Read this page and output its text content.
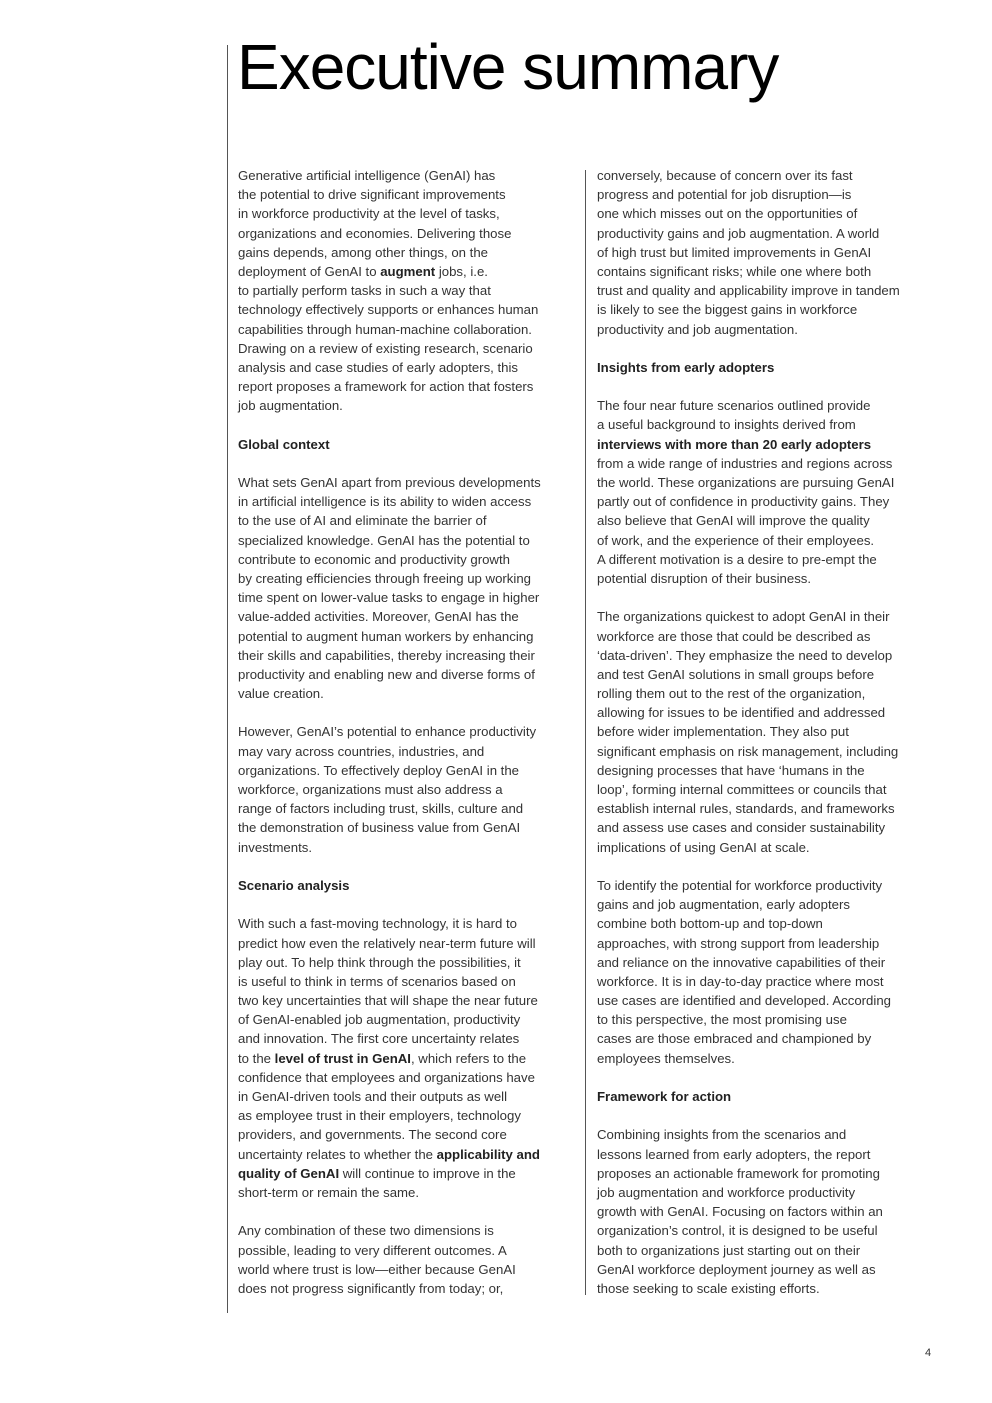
Executive summary
Generative artificial intelligence (GenAI) has
the potential to drive significant improvements
in workforce productivity at the level of tasks,
organizations and economies. Delivering those
gains depends, among other things, on the
deployment of GenAI to augment jobs, i.e.
to partially perform tasks in such a way that
technology effectively supports or enhances human
capabilities through human-machine collaboration.
Drawing on a review of existing research, scenario
analysis and case studies of early adopters, this
report proposes a framework for action that fosters
job augmentation.
Global context
What sets GenAI apart from previous developments
in artificial intelligence is its ability to widen access
to the use of AI and eliminate the barrier of
specialized knowledge. GenAI has the potential to
contribute to economic and productivity growth
by creating efficiencies through freeing up working
time spent on lower-value tasks to engage in higher
value-added activities. Moreover, GenAI has the
potential to augment human workers by enhancing
their skills and capabilities, thereby increasing their
productivity and enabling new and diverse forms of
value creation.
However, GenAI’s potential to enhance productivity
may vary across countries, industries, and
organizations. To effectively deploy GenAI in the
workforce, organizations must also address a
range of factors including trust, skills, culture and
the demonstration of business value from GenAI
investments.
Scenario analysis
With such a fast-moving technology, it is hard to
predict how even the relatively near-term future will
play out. To help think through the possibilities, it
is useful to think in terms of scenarios based on
two key uncertainties that will shape the near future
of GenAI-enabled job augmentation, productivity
and innovation. The first core uncertainty relates
to the level of trust in GenAI, which refers to the
confidence that employees and organizations have
in GenAI-driven tools and their outputs as well
as employee trust in their employers, technology
providers, and governments. The second core
uncertainty relates to whether the applicability and
quality of GenAI will continue to improve in the
short-term or remain the same.
Any combination of these two dimensions is
possible, leading to very different outcomes. A
world where trust is low—either because GenAI
does not progress significantly from today; or,
conversely, because of concern over its fast
progress and potential for job disruption—is
one which misses out on the opportunities of
productivity gains and job augmentation. A world
of high trust but limited improvements in GenAI
contains significant risks; while one where both
trust and quality and applicability improve in tandem
is likely to see the biggest gains in workforce
productivity and job augmentation.
Insights from early adopters
The four near future scenarios outlined provide
a useful background to insights derived from
interviews with more than 20 early adopters
from a wide range of industries and regions across
the world. These organizations are pursuing GenAI
partly out of confidence in productivity gains. They
also believe that GenAI will improve the quality
of work, and the experience of their employees.
A different motivation is a desire to pre-empt the
potential disruption of their business.
The organizations quickest to adopt GenAI in their
workforce are those that could be described as
‘data-driven’. They emphasize the need to develop
and test GenAI solutions in small groups before
rolling them out to the rest of the organization,
allowing for issues to be identified and addressed
before wider implementation. They also put
significant emphasis on risk management, including
designing processes that have ‘humans in the
loop’, forming internal committees or councils that
establish internal rules, standards, and frameworks
and assess use cases and consider sustainability
implications of using GenAI at scale.
To identify the potential for workforce productivity
gains and job augmentation, early adopters
combine both bottom-up and top-down
approaches, with strong support from leadership
and reliance on the innovative capabilities of their
workforce. It is in day-to-day practice where most
use cases are identified and developed. According
to this perspective, the most promising use
cases are those embraced and championed by
employees themselves.
Framework for action
Combining insights from the scenarios and
lessons learned from early adopters, the report
proposes an actionable framework for promoting
job augmentation and workforce productivity
growth with GenAI. Focusing on factors within an
organization’s control, it is designed to be useful
both to organizations just starting out on their
GenAI workforce deployment journey as well as
those seeking to scale existing efforts.
4
